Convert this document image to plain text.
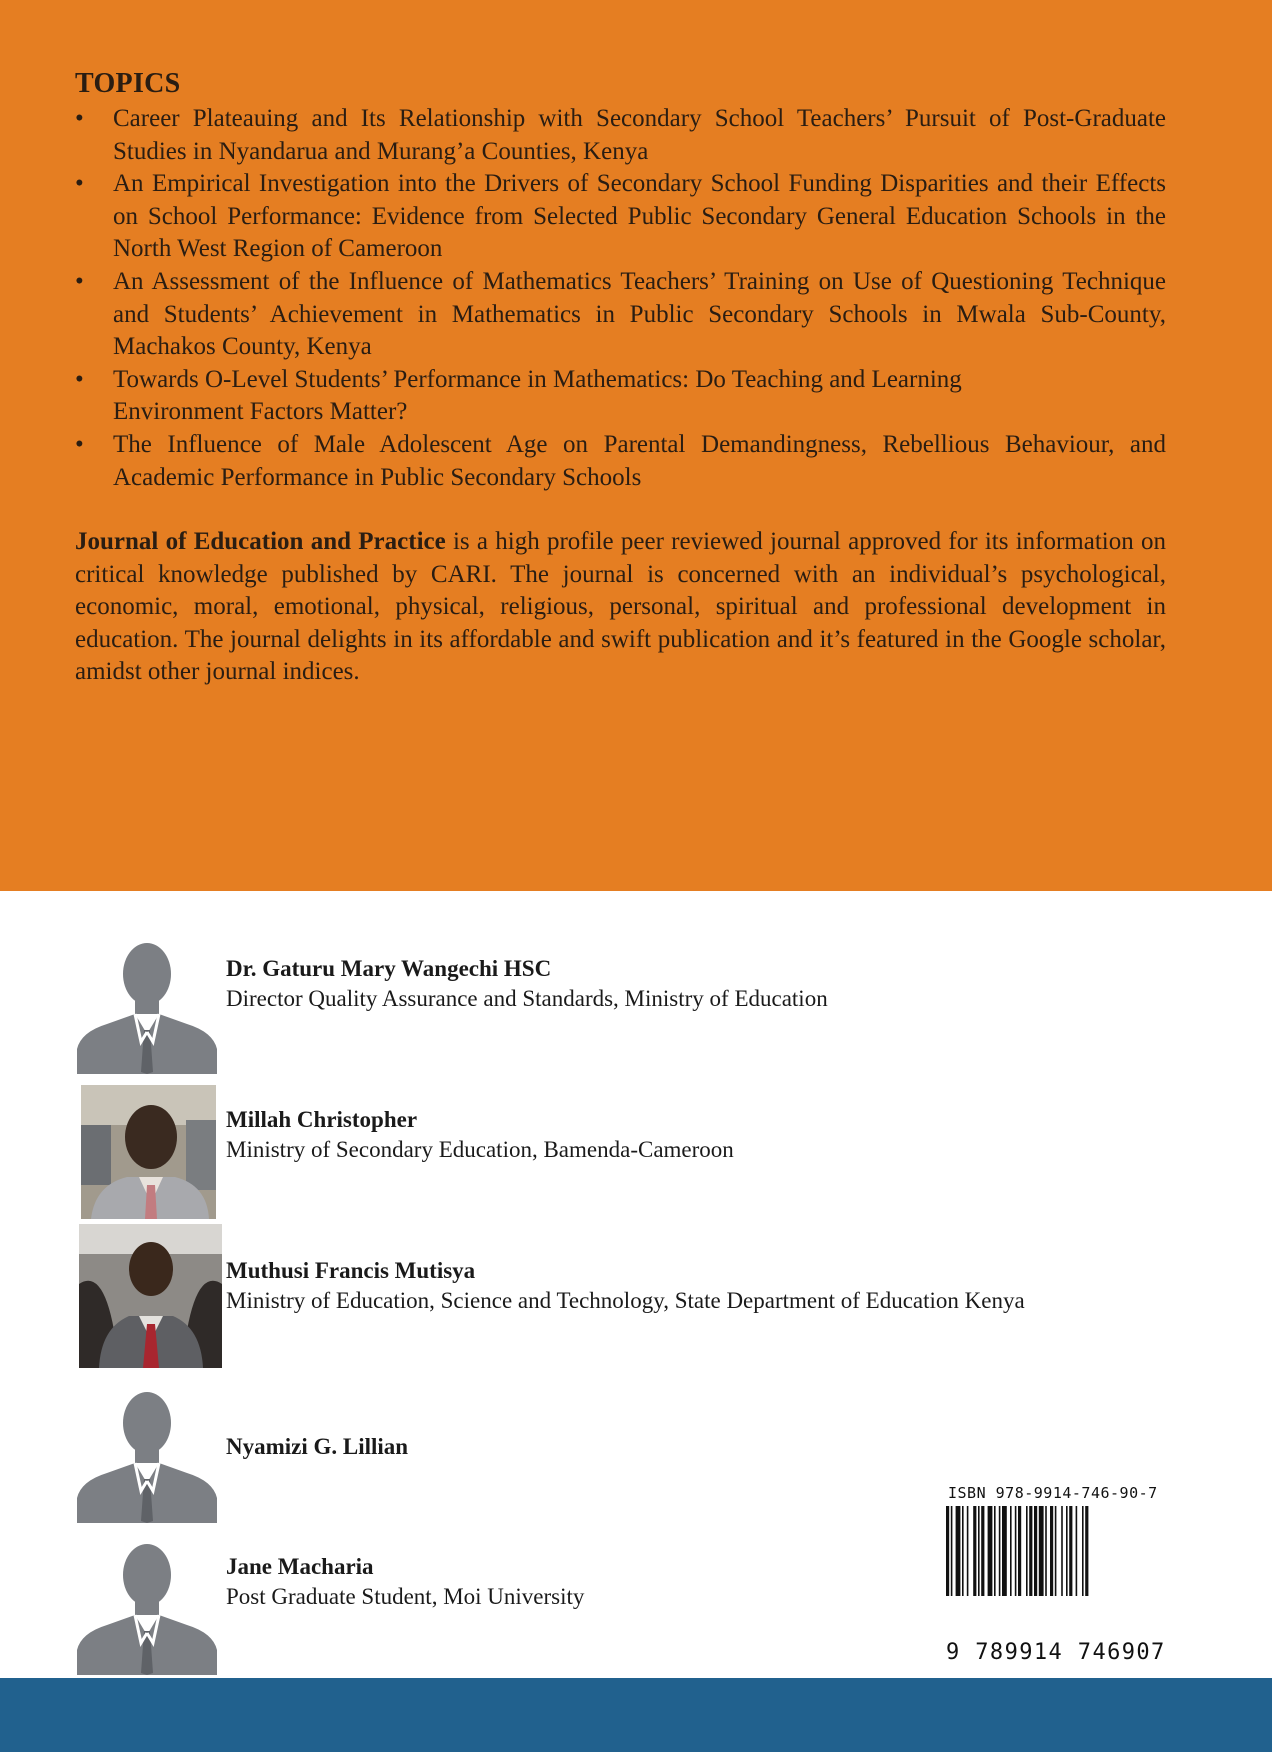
TOPICS
• Career Plateauing and Its Relationship with Secondary School Teachers’ Pursuit of Post-Graduate Studies in Nyandarua and Murang’a Counties, Kenya
• An Empirical Investigation into the Drivers of Secondary School Funding Disparities and their Effects on School Performance: Evidence from Selected Public Secondary General Education Schools in the North West Region of Cameroon
• An Assessment of the Influence of Mathematics Teachers’ Training on Use of Questioning Technique and Students’ Achievement in Mathematics in Public Secondary Schools in Mwala Sub-County, Machakos County, Kenya
• Towards O-Level Students’ Performance in Mathematics: Do Teaching and Learning Environment Factors Matter?
• The Influence of Male Adolescent Age on Parental Demandingness, Rebellious Behaviour, and Academic Performance in Public Secondary Schools

Journal of Education and Practice is a high profile peer reviewed journal approved for its information on critical knowledge published by CARI. The journal is concerned with an individual’s psychological, economic, moral, emotional, physical, religious, personal, spiritual and professional development in education. The journal delights in its affordable and swift publication and it’s featured in the Google scholar, amidst other journal indices.

Dr. Gaturu Mary Wangechi HSC
Director Quality Assurance and Standards, Ministry of Education
Millah Christopher
Ministry of Secondary Education, Bamenda-Cameroon
Muthusi Francis Mutisya
Ministry of Education, Science and Technology, State Department of Education Kenya
Nyamizi G. Lillian
Jane Macharia
Post Graduate Student, Moi University
ISBN 978-9914-746-90-7
9 789914 746907
